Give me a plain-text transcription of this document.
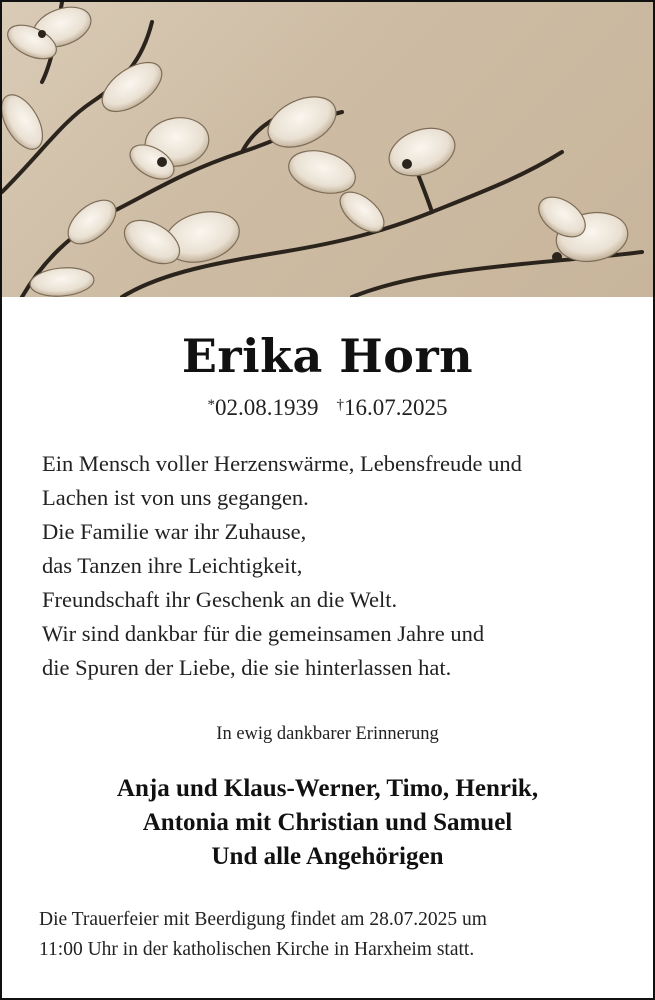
Erika Horn
*02.08.1939 †16.07.2025
Ein Mensch voller Herzenswärme, Lebensfreude und
Lachen ist von uns gegangen.
Die Familie war ihr Zuhause,
das Tanzen ihre Leichtigkeit,
Freundschaft ihr Geschenk an die Welt.
Wir sind dankbar für die gemeinsamen Jahre und
die Spuren der Liebe, die sie hinterlassen hat.
In ewig dankbarer Erinnerung
Anja und Klaus-Werner, Timo, Henrik,
Antonia mit Christian und Samuel
Und alle Angehörigen
Die Trauerfeier mit Beerdigung findet am 28.07.2025 um
11:00 Uhr in der katholischen Kirche in Harxheim statt.
